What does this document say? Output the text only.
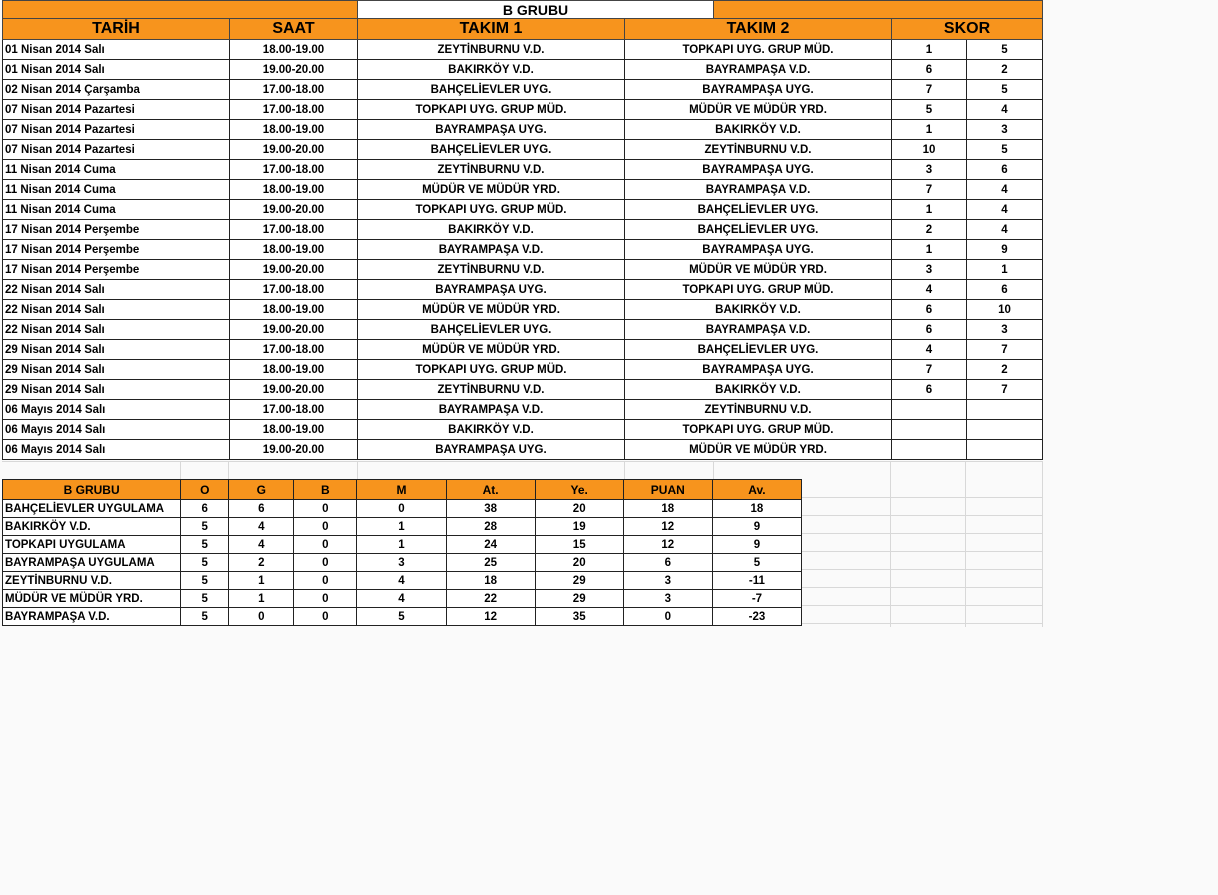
		B GRUBU				
TARİH	SAAT	TAKIM 1	TAKIM 2		SKOR	
01 Nisan 2014 Salı	18.00-19.00	ZEYTİNBURNU V.D.	TOPKAPI UYG. GRUP MÜD.		1	5
01 Nisan 2014 Salı	19.00-20.00	BAKIRKÖY V.D.	BAYRAMPAŞA V.D.		6	2
02 Nisan 2014 Çarşamba	17.00-18.00	BAHÇELİEVLER UYG.	BAYRAMPAŞA UYG.		7	5
07 Nisan 2014 Pazartesi	17.00-18.00	TOPKAPI UYG. GRUP MÜD.	MÜDÜR VE MÜDÜR YRD.		5	4
07 Nisan 2014 Pazartesi	18.00-19.00	BAYRAMPAŞA UYG.	BAKIRKÖY V.D.		1	3
07 Nisan 2014 Pazartesi	19.00-20.00	BAHÇELİEVLER UYG.	ZEYTİNBURNU V.D.		10	5
11 Nisan 2014 Cuma	17.00-18.00	ZEYTİNBURNU V.D.	BAYRAMPAŞA UYG.		3	6
11 Nisan 2014 Cuma	18.00-19.00	MÜDÜR VE MÜDÜR YRD.	BAYRAMPAŞA V.D.		7	4
11 Nisan 2014 Cuma	19.00-20.00	TOPKAPI UYG. GRUP MÜD.	BAHÇELİEVLER UYG.		1	4
17 Nisan 2014 Perşembe	17.00-18.00	BAKIRKÖY V.D.	BAHÇELİEVLER UYG.		2	4
17 Nisan 2014 Perşembe	18.00-19.00	BAYRAMPAŞA V.D.	BAYRAMPAŞA UYG.		1	9
17 Nisan 2014 Perşembe	19.00-20.00	ZEYTİNBURNU V.D.	MÜDÜR VE MÜDÜR YRD.		3	1
22 Nisan 2014 Salı	17.00-18.00	BAYRAMPAŞA UYG.	TOPKAPI UYG. GRUP MÜD.		4	6
22 Nisan 2014 Salı	18.00-19.00	MÜDÜR VE MÜDÜR YRD.	BAKIRKÖY V.D.		6	10
22 Nisan 2014 Salı	19.00-20.00	BAHÇELİEVLER UYG.	BAYRAMPAŞA V.D.		6	3
29 Nisan 2014 Salı	17.00-18.00	MÜDÜR VE MÜDÜR YRD.	BAHÇELİEVLER UYG.		4	7
29 Nisan 2014 Salı	18.00-19.00	TOPKAPI UYG. GRUP MÜD.	BAYRAMPAŞA UYG.		7	2
29 Nisan 2014 Salı	19.00-20.00	ZEYTİNBURNU V.D.	BAKIRKÖY V.D.		6	7
06 Mayıs 2014 Salı	17.00-18.00	BAYRAMPAŞA V.D.	ZEYTİNBURNU V.D.			
06 Mayıs 2014 Salı	18.00-19.00	BAKIRKÖY V.D.	TOPKAPI UYG. GRUP MÜD.			
06 Mayıs 2014 Salı	19.00-20.00	BAYRAMPAŞA UYG.	MÜDÜR VE MÜDÜR YRD.			
B GRUBU	O	G	B	M	At.	Ye.	PUAN	Av.
BAHÇELİEVLER UYGULAMA	6	6	0	0	38	20	18	18
BAKIRKÖY V.D.	5	4	0	1	28	19	12	9
TOPKAPI UYGULAMA	5	4	0	1	24	15	12	9
BAYRAMPAŞA UYGULAMA	5	2	0	3	25	20	6	5
ZEYTİNBURNU V.D.	5	1	0	4	18	29	3	-11
MÜDÜR VE MÜDÜR YRD.	5	1	0	4	22	29	3	-7
BAYRAMPAŞA V.D.	5	0	0	5	12	35	0	-23
